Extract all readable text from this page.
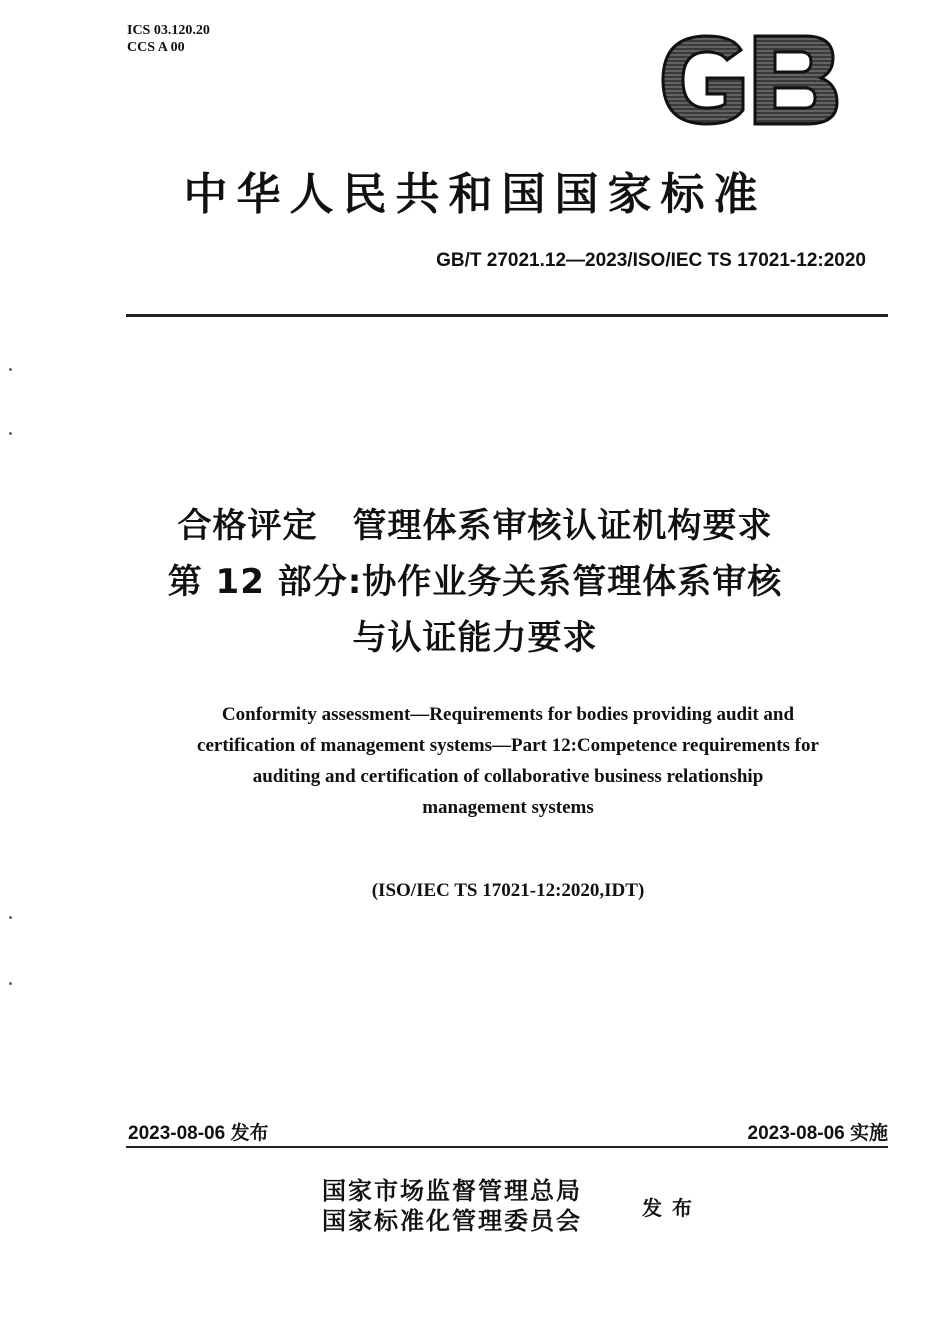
ICS 03.120.20
CCS A 00
GB
中华人民共和国国家标准
GB/T 27021.12—2023/ISO/IEC TS 17021-12:2020
合格评定　管理体系审核认证机构要求
第 12 部分:协作业务关系管理体系审核
与认证能力要求
Conformity assessment—Requirements for bodies providing audit and
certification of management systems—Part 12:Competence requirements for
auditing and certification of collaborative business relationship
management systems
(ISO/IEC TS 17021-12:2020,IDT)
2023-08-06 发布	2023-08-06 实施
国家市场监督管理总局
国家标准化管理委员会	发布
